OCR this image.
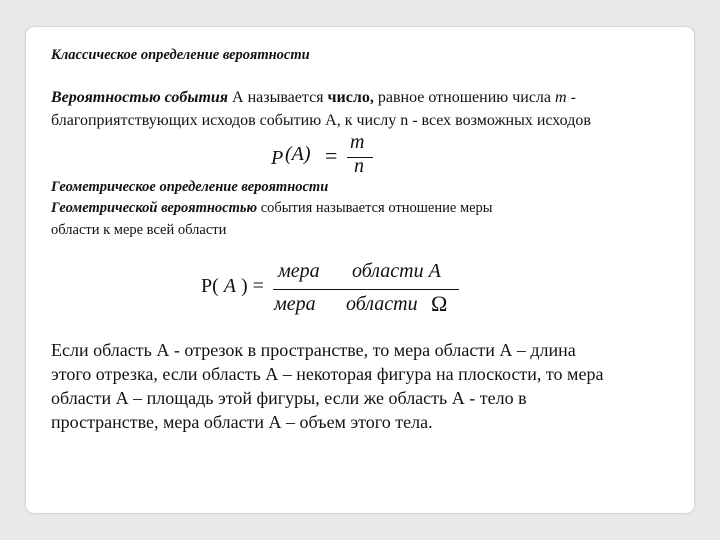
Классическое определение вероятности
Вероятностью события А называется число, равное отношению числа m -
благоприятствующих исходов событию А, к числу n - всех возможных исходов
P (A) =
m
n
Геометрическое определение вероятности
Геометрической вероятностью события называется отношение меры
области к мере всей области
P( A ) =
мера области A
мера области Ω
Если область А - отрезок в пространстве, то мера области А – длина
этого отрезка, если область А – некоторая фигура на плоскости, то мера
области А – площадь этой фигуры, если же область А - тело в
пространстве, мера области А – объем этого тела.
